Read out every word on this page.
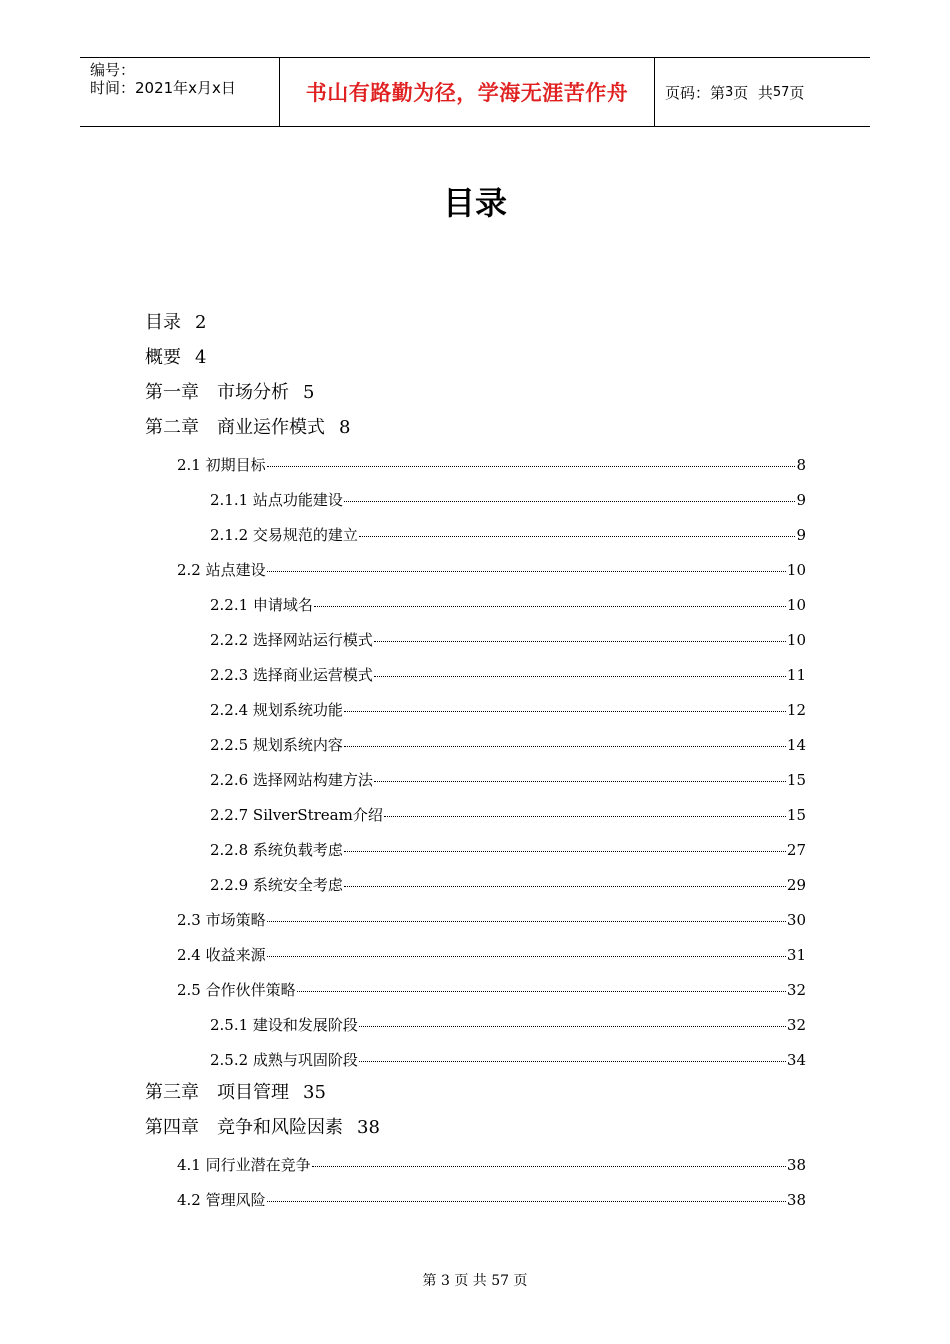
编号：
时间：2021年x月x日	书山有路勤为径，学海无涯苦作舟	页码：第 3 页  共 57 页
目录
目录 2
概要 4
第一章　市场分析 5
第二章　商业运作模式 8
2.1 初期目标	8
2.1.1 站点功能建设	9
2.1.2 交易规范的建立	9
2.2 站点建设	10
2.2.1 申请域名	10
2.2.2 选择网站运行模式	10
2.2.3 选择商业运营模式	11
2.2.4 规划系统功能	12
2.2.5 规划系统内容	14
2.2.6 选择网站构建方法	15
2.2.7 SilverStream介绍	15
2.2.8 系统负载考虑	27
2.2.9 系统安全考虑	29
2.3 市场策略	30
2.4 收益来源	31
2.5 合作伙伴策略	32
2.5.1 建设和发展阶段	32
2.5.2 成熟与巩固阶段	34
第三章　项目管理 35
第四章　竞争和风险因素 38
4.1 同行业潜在竞争	38
4.2 管理风险	38
第 3 页 共 57 页
